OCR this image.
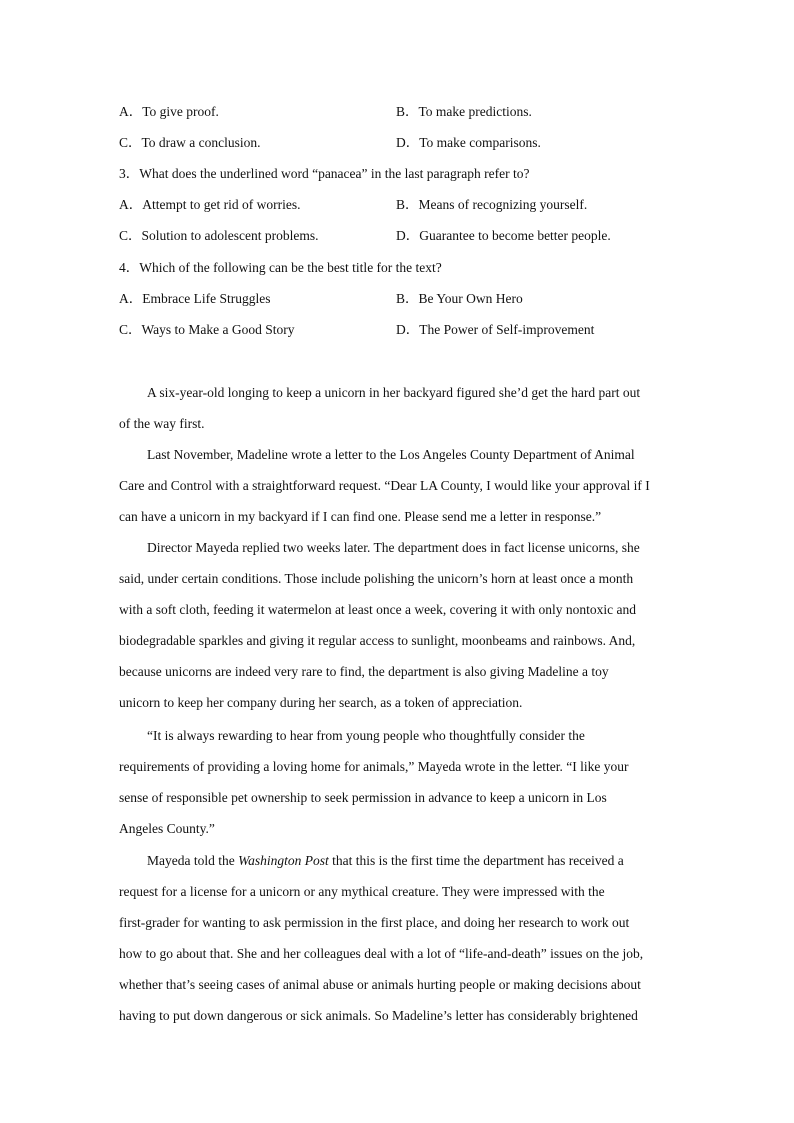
A．To give proof.	B．To make predictions.
C．To draw a conclusion.	D．To make comparisons.
3．What does the underlined word “panacea” in the last paragraph refer to?
A．Attempt to get rid of worries.	B．Means of recognizing yourself.
C．Solution to adolescent problems.	D．Guarantee to become better people.
4．Which of the following can be the best title for the text?
A．Embrace Life Struggles	B．Be Your Own Hero
C．Ways to Make a Good Story	D．The Power of Self-improvement
A six-year-old longing to keep a unicorn in her backyard figured she’d get the hard part out
of the way first.
Last November, Madeline wrote a letter to the Los Angeles County Department of Animal
Care and Control with a straightforward request. “Dear LA County, I would like your approval if I
can have a unicorn in my backyard if I can find one. Please send me a letter in response.”
Director Mayeda replied two weeks later. The department does in fact license unicorns, she
said, under certain conditions. Those include polishing the unicorn’s horn at least once a month
with a soft cloth, feeding it watermelon at least once a week, covering it with only nontoxic and
biodegradable sparkles and giving it regular access to sunlight, moonbeams and rainbows. And,
because unicorns are indeed very rare to find, the department is also giving Madeline a toy
unicorn to keep her company during her search, as a token of appreciation.
“It is always rewarding to hear from young people who thoughtfully consider the
requirements of providing a loving home for animals,” Mayeda wrote in the letter. “I like your
sense of responsible pet ownership to seek permission in advance to keep a unicorn in Los
Angeles County.”
Mayeda told the Washington Post that this is the first time the department has received a
request for a license for a unicorn or any mythical creature. They were impressed with the
first-grader for wanting to ask permission in the first place, and doing her research to work out
how to go about that. She and her colleagues deal with a lot of “life-and-death” issues on the job,
whether that’s seeing cases of animal abuse or animals hurting people or making decisions about
having to put down dangerous or sick animals. So Madeline’s letter has considerably brightened
